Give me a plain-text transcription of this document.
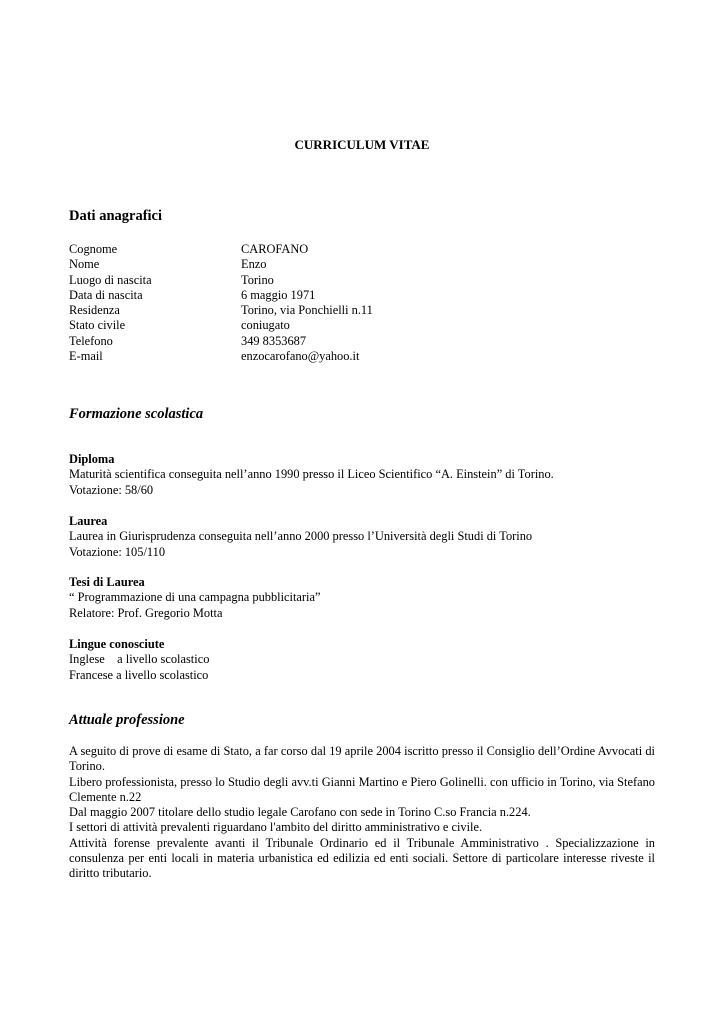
CURRICULUM VITAE
Dati anagrafici
Cognome	CAROFANO
Nome	Enzo
Luogo di nascita	Torino
Data di nascita	6 maggio 1971
Residenza	Torino, via Ponchielli n.11
Stato civile	coniugato
Telefono	349 8353687
E-mail	enzocarofano@yahoo.it
Formazione scolastica

Diploma

Maturità scientifica conseguita nell’anno 1990 presso il Liceo Scientifico “A. Einstein” di Torino.

Votazione: 58/60

Laurea

Laurea in Giurisprudenza conseguita nell’anno 2000 presso l’Università degli Studi di Torino

Votazione: 105/110

Tesi di Laurea

“ Programmazione di una campagna pubblicitaria”

Relatore: Prof. Gregorio Motta

Lingue conosciute

Inglese    a livello scolastico

Francese a livello scolastico

Attuale professione

A seguito di prove di esame di Stato, a far corso dal 19 aprile 2004 iscritto presso il Consiglio dell’Ordine Avvocati di Torino.

Libero professionista, presso lo Studio degli avv.ti Gianni Martino e Piero Golinelli. con ufficio in Torino, via Stefano Clemente n.22

Dal maggio 2007 titolare dello studio legale Carofano con sede in Torino C.so Francia n.224.

I settori di attività prevalenti riguardano l'ambito del diritto amministrativo e civile.

Attività forense prevalente avanti il Tribunale Ordinario ed il Tribunale Amministrativo . Specializzazione in consulenza per enti locali in materia urbanistica ed edilizia ed enti sociali. Settore di particolare interesse riveste il diritto tributario.
